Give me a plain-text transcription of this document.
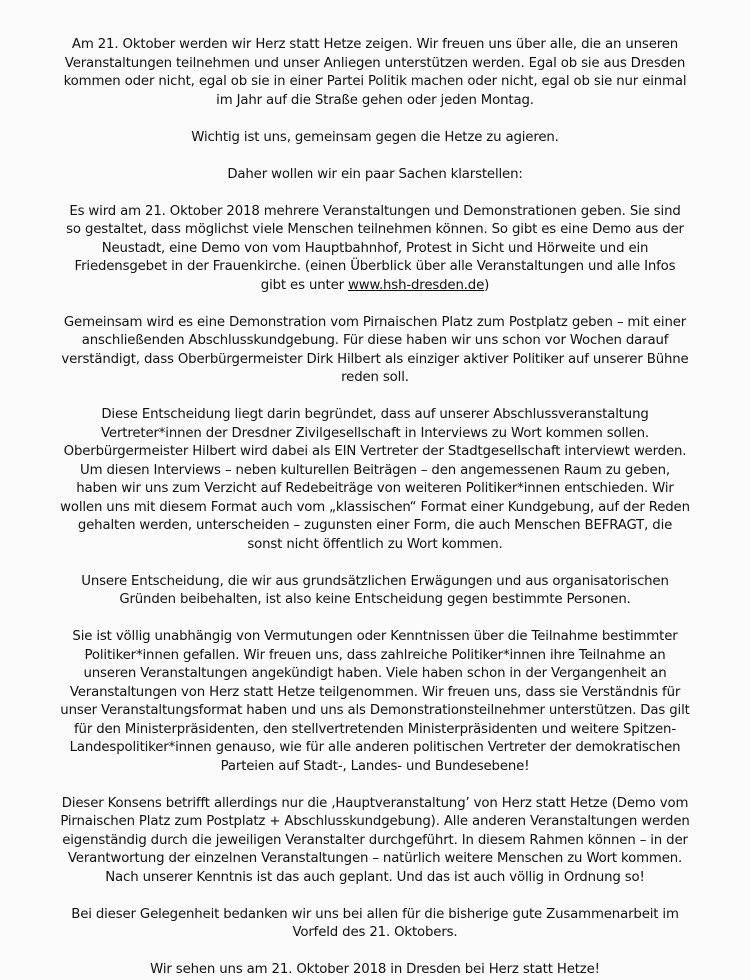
Am 21. Oktober werden wir Herz statt Hetze zeigen. Wir freuen uns über alle, die an unseren Veranstaltungen teilnehmen und unser Anliegen unterstützen werden. Egal ob sie aus Dresden kommen oder nicht, egal ob sie in einer Partei Politik machen oder nicht, egal ob sie nur einmal im Jahr auf die Straße gehen oder jeden Montag.

Wichtig ist uns, gemeinsam gegen die Hetze zu agieren.

Daher wollen wir ein paar Sachen klarstellen:

Es wird am 21. Oktober 2018 mehrere Veranstaltungen und Demonstrationen geben. Sie sind so gestaltet, dass möglichst viele Menschen teilnehmen können. So gibt es eine Demo aus der Neustadt, eine Demo von vom Hauptbahnhof, Protest in Sicht und Hörweite und ein Friedensgebet in der Frauenkirche. (einen Überblick über alle Veranstaltungen und alle Infos gibt es unter www.hsh-dresden.de)

Gemeinsam wird es eine Demonstration vom Pirnaischen Platz zum Postplatz geben – mit einer anschließenden Abschlusskundgebung. Für diese haben wir uns schon vor Wochen darauf verständigt, dass Oberbürgermeister Dirk Hilbert als einziger aktiver Politiker auf unserer Bühne reden soll.

Diese Entscheidung liegt darin begründet, dass auf unserer Abschlussveranstaltung Vertreter*innen der Dresdner Zivilgesellschaft in Interviews zu Wort kommen sollen. Oberbürgermeister Hilbert wird dabei als EIN Vertreter der Stadtgesellschaft interviewt werden. Um diesen Interviews – neben kulturellen Beiträgen – den angemessenen Raum zu geben, haben wir uns zum Verzicht auf Redebeiträge von weiteren Politiker*innen entschieden. Wir wollen uns mit diesem Format auch vom „klassischen“ Format einer Kundgebung, auf der Reden gehalten werden, unterscheiden – zugunsten einer Form, die auch Menschen BEFRAGT, die sonst nicht öffentlich zu Wort kommen.

Unsere Entscheidung, die wir aus grundsätzlichen Erwägungen und aus organisatorischen Gründen beibehalten, ist also keine Entscheidung gegen bestimmte Personen.

Sie ist völlig unabhängig von Vermutungen oder Kenntnissen über die Teilnahme bestimmter Politiker*innen gefallen. Wir freuen uns, dass zahlreiche Politiker*innen ihre Teilnahme an unseren Veranstaltungen angekündigt haben. Viele haben schon in der Vergangenheit an Veranstaltungen von Herz statt Hetze teilgenommen. Wir freuen uns, dass sie Verständnis für unser Veranstaltungsformat haben und uns als Demonstrationsteilnehmer unterstützen. Das gilt für den Ministerpräsidenten, den stellvertretenden Ministerpräsidenten und weitere Spitzen-Landespolitiker*innen genauso, wie für alle anderen politischen Vertreter der demokratischen Parteien auf Stadt-, Landes- und Bundesebene!

Dieser Konsens betrifft allerdings nur die ‚Hauptveranstaltung’ von Herz statt Hetze (Demo vom Pirnaischen Platz zum Postplatz + Abschlusskundgebung). Alle anderen Veranstaltungen werden eigenständig durch die jeweiligen Veranstalter durchgeführt. In diesem Rahmen können – in der Verantwortung der einzelnen Veranstaltungen – natürlich weitere Menschen zu Wort kommen. Nach unserer Kenntnis ist das auch geplant. Und das ist auch völlig in Ordnung so!

Bei dieser Gelegenheit bedanken wir uns bei allen für die bisherige gute Zusammenarbeit im Vorfeld des 21. Oktobers.

Wir sehen uns am 21. Oktober 2018 in Dresden bei Herz statt Hetze!
